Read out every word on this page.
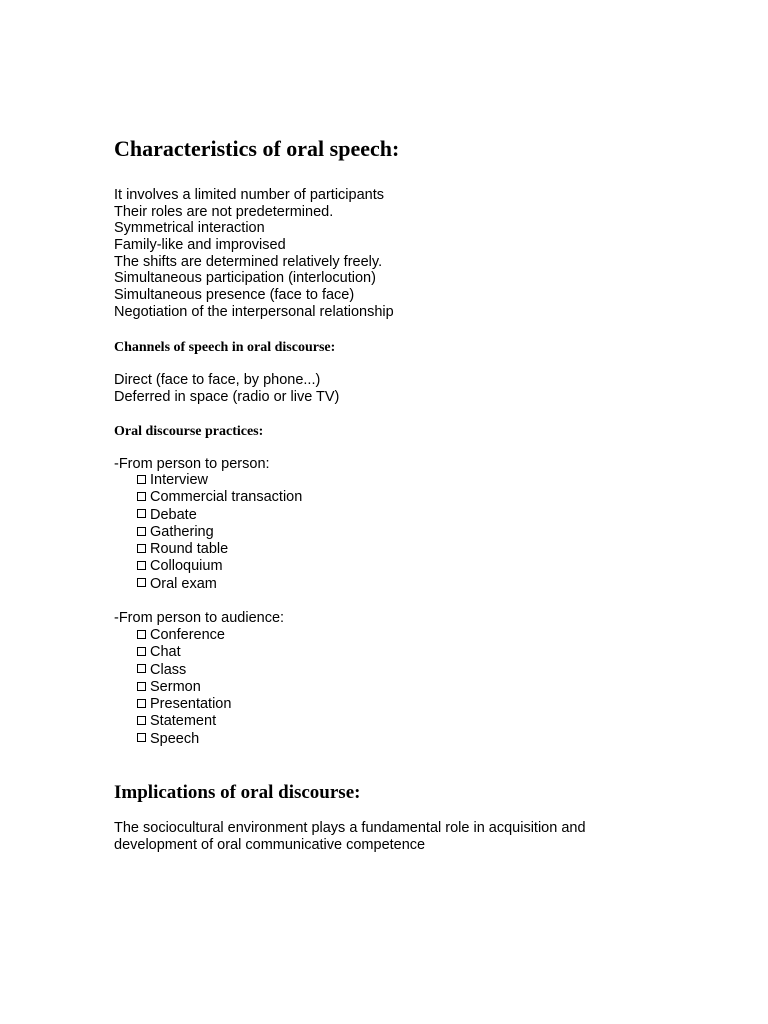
Characteristics of oral speech:
It involves a limited number of participants
Their roles are not predetermined.
Symmetrical interaction
Family-like and improvised
The shifts are determined relatively freely.
Simultaneous participation (interlocution)
Simultaneous presence (face to face)
Negotiation of the interpersonal relationship
Channels of speech in oral discourse:
Direct (face to face, by phone...)
Deferred in space (radio or live TV)
Oral discourse practices:
-From person to person:
Interview
Commercial transaction
Debate
Gathering
Round table
Colloquium
Oral exam
-From person to audience:
Conference
Chat
Class
Sermon
Presentation
Statement
Speech
Implications of oral discourse:
The sociocultural environment plays a fundamental role in acquisition and development of oral communicative competence
